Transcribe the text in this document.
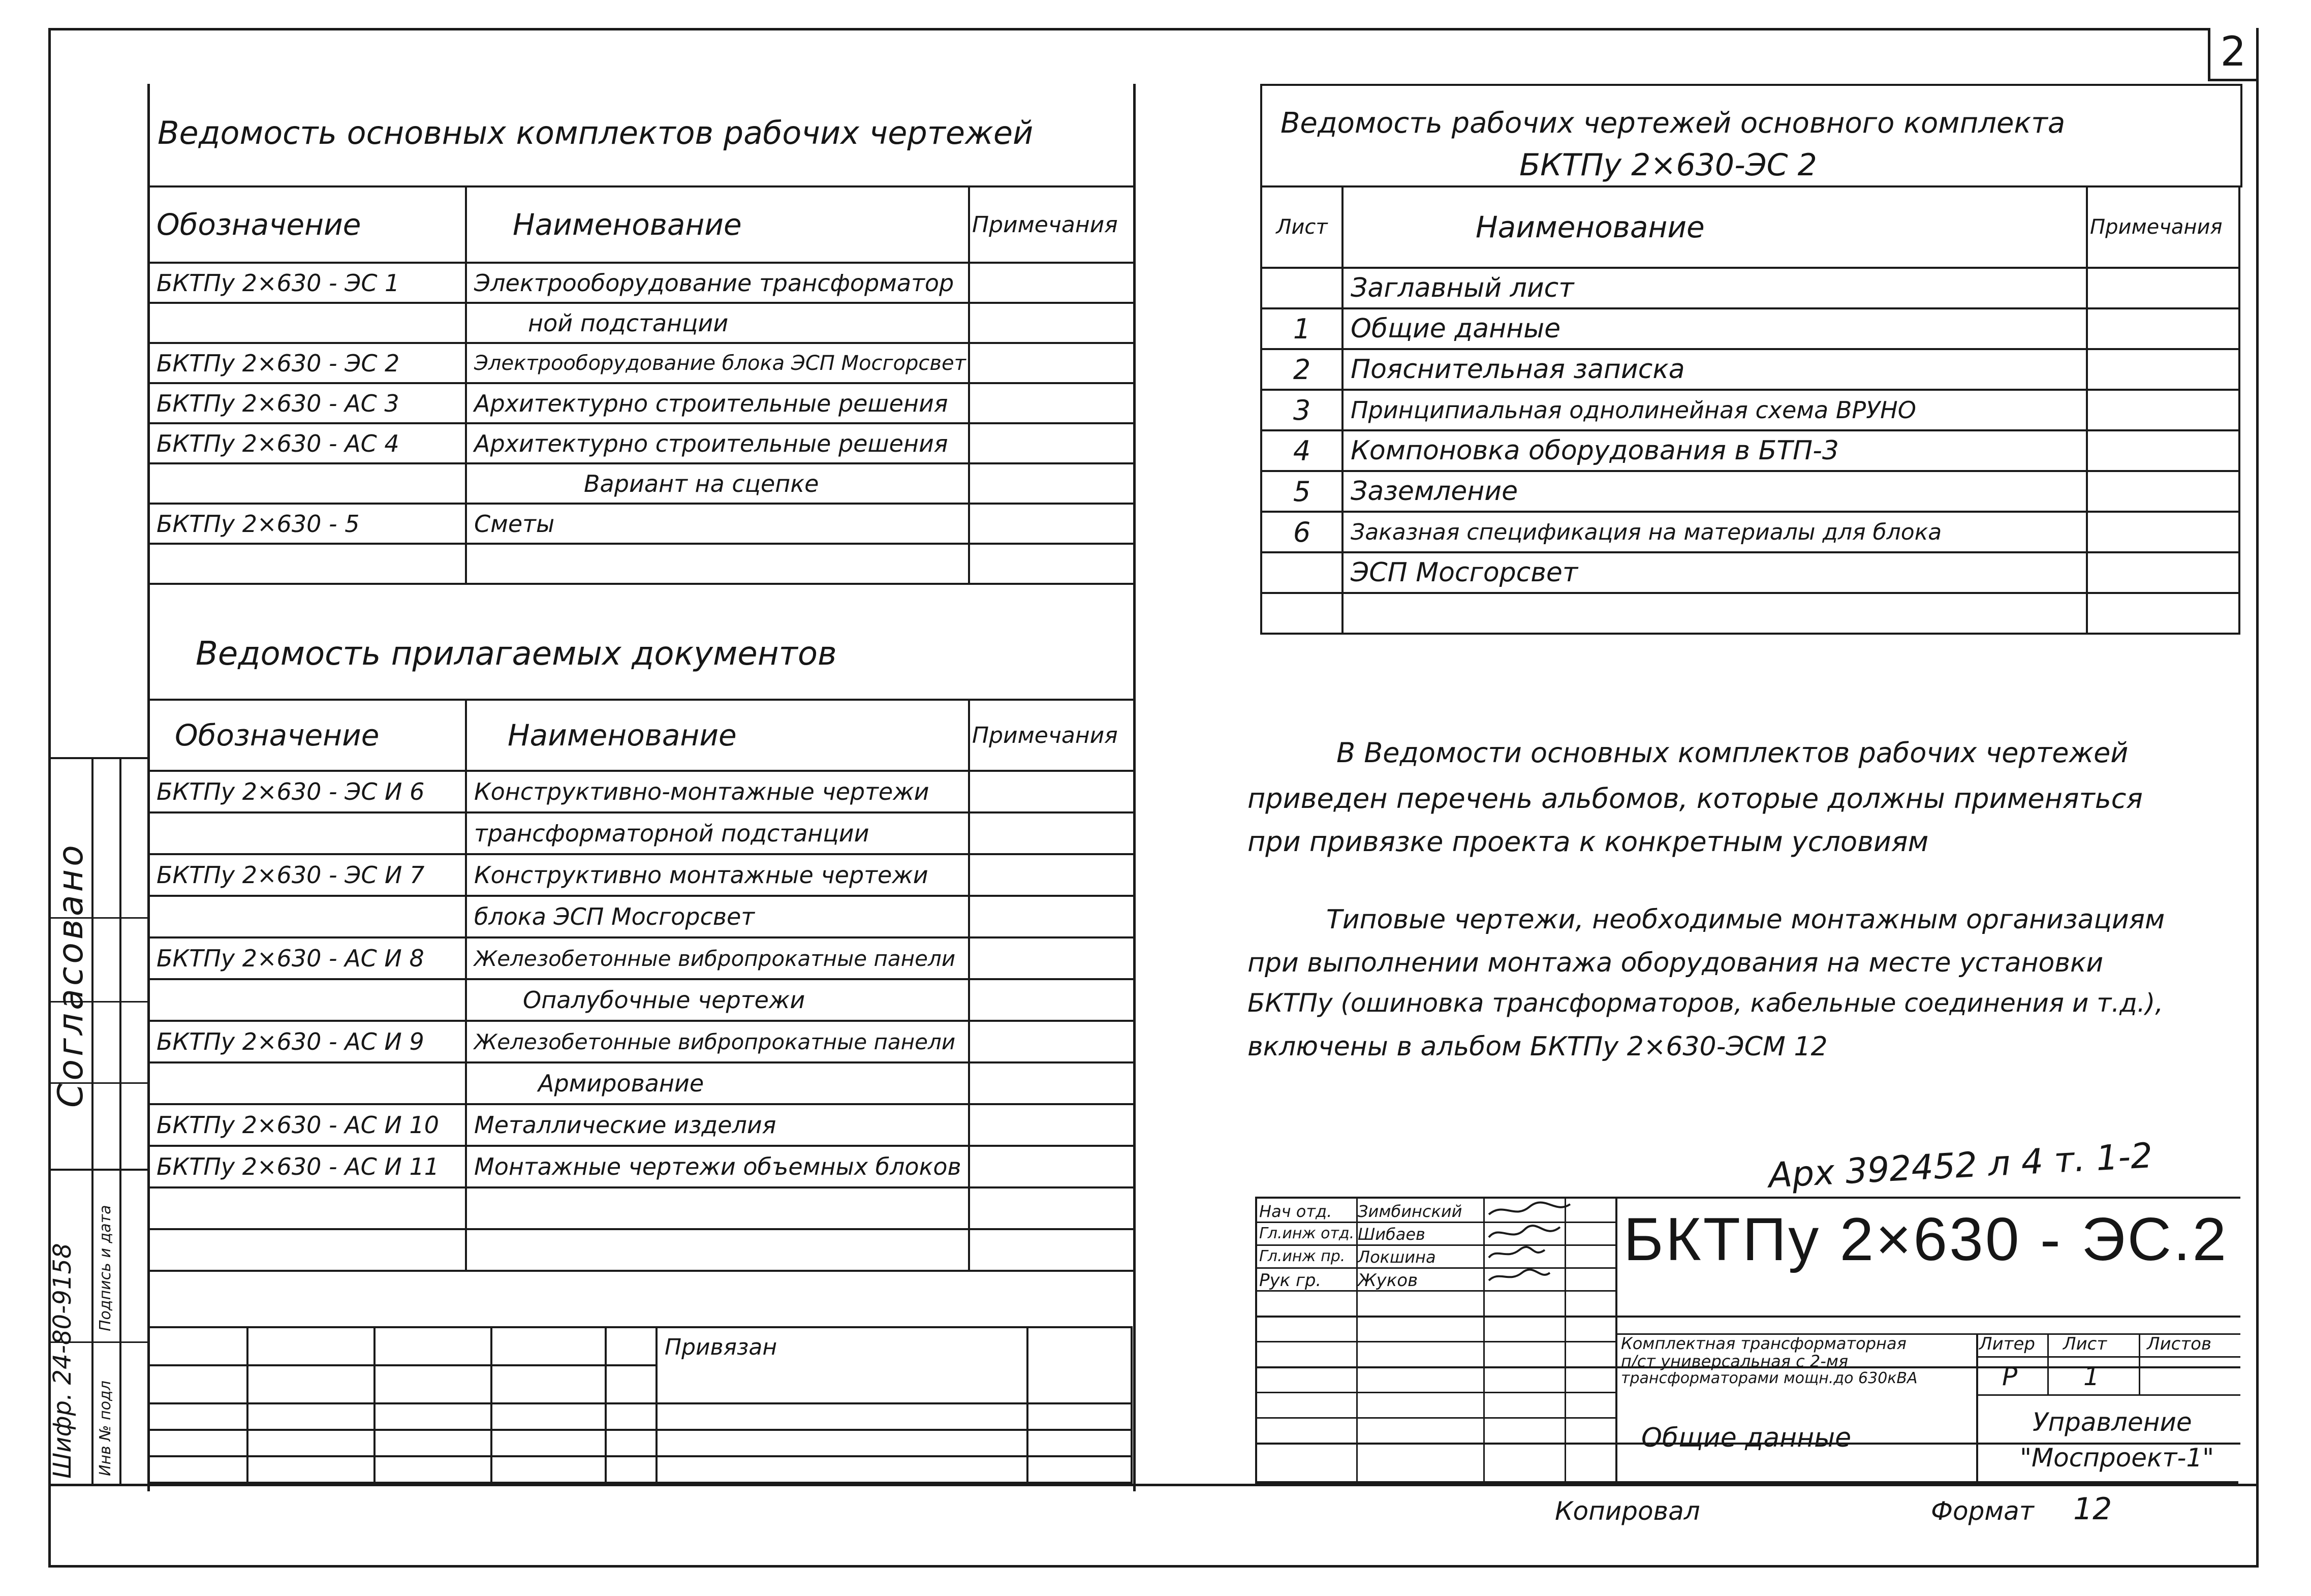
2
Ведомость основных комплектов рабочих чертежей
Обозначение	Наименование	Примечания
БКТПу 2×630 - ЭС 1	Электрооборудование трансформатор	
	ной подстанции	
БКТПу 2×630 - ЭС 2	Электрооборудование блока ЭСП Мосгорсвет	
БКТПу 2×630 - АС 3	Архитектурно строительные решения	
БКТПу 2×630 - АС 4	Архитектурно строительные решения	
	Вариант на сцепке	
БКТПу 2×630 - 5	Сметы	

Ведомость прилагаемых документов
Обозначение	Наименование	Примечания
БКТПу 2×630 - ЭС И 6	Конструктивно-монтажные чертежи	
	трансформаторной подстанции	
БКТПу 2×630 - ЭС И 7	Конструктивно монтажные чертежи	
	блока ЭСП Мосгорсвет	
БКТПу 2×630 - АС И 8	Железобетонные вибропрокатные панели	
	Опалубочные чертежи	
БКТПу 2×630 - АС И 9	Железобетонные вибропрокатные панели	
	Армирование	
БКТПу 2×630 - АС И 10	Металлические изделия	
БКТПу 2×630 - АС И 11	Монтажные чертежи объемных блоков	

					Привязан	

Согласовано
Шифр. 24-80-9158 Инв № подл
Подпись и дата
Ведомость рабочих чертежей основного комплекта
БКТПу 2×630-ЭС 2
Лист	Наименование	Примечания
	Заглавный лист	
1	Общие данные	
2	Пояснительная записка	
3	Принципиальная однолинейная схема ВРУНО	
4	Компоновка оборудования в БТП-3	
5	Заземление	
6	Заказная спецификация на материалы для блока	
	ЭСП Мосгорсвет	

В Ведомости основных комплектов рабочих чертежей
приведен перечень альбомов, которые должны применяться
при привязке проекта к конкретным условиям
Типовые чертежи, необходимые монтажным организациям
при выполнении монтажа оборудования на месте установки
БКТПу (ошиновка трансформаторов, кабельные соединения и т.д.),
включены в альбом БКТПу 2×630-ЭСМ 12
Арх 392452 л 4 т. 1-2
Нач отд. Зимбинский
Гл.инж отд. Шибаев
Гл.инж пр. Локшина
Рук гр. Жуков
БКТПу 2×630 - ЭС.2
Комплектная трансформаторная
п/ст универсальная с 2-мя
трансформаторами мощн.до 630кВА
Литер Лист Листов
Р	1
Общие данные
Управление
"Моспроект-1"
Копировал	Формат 12
